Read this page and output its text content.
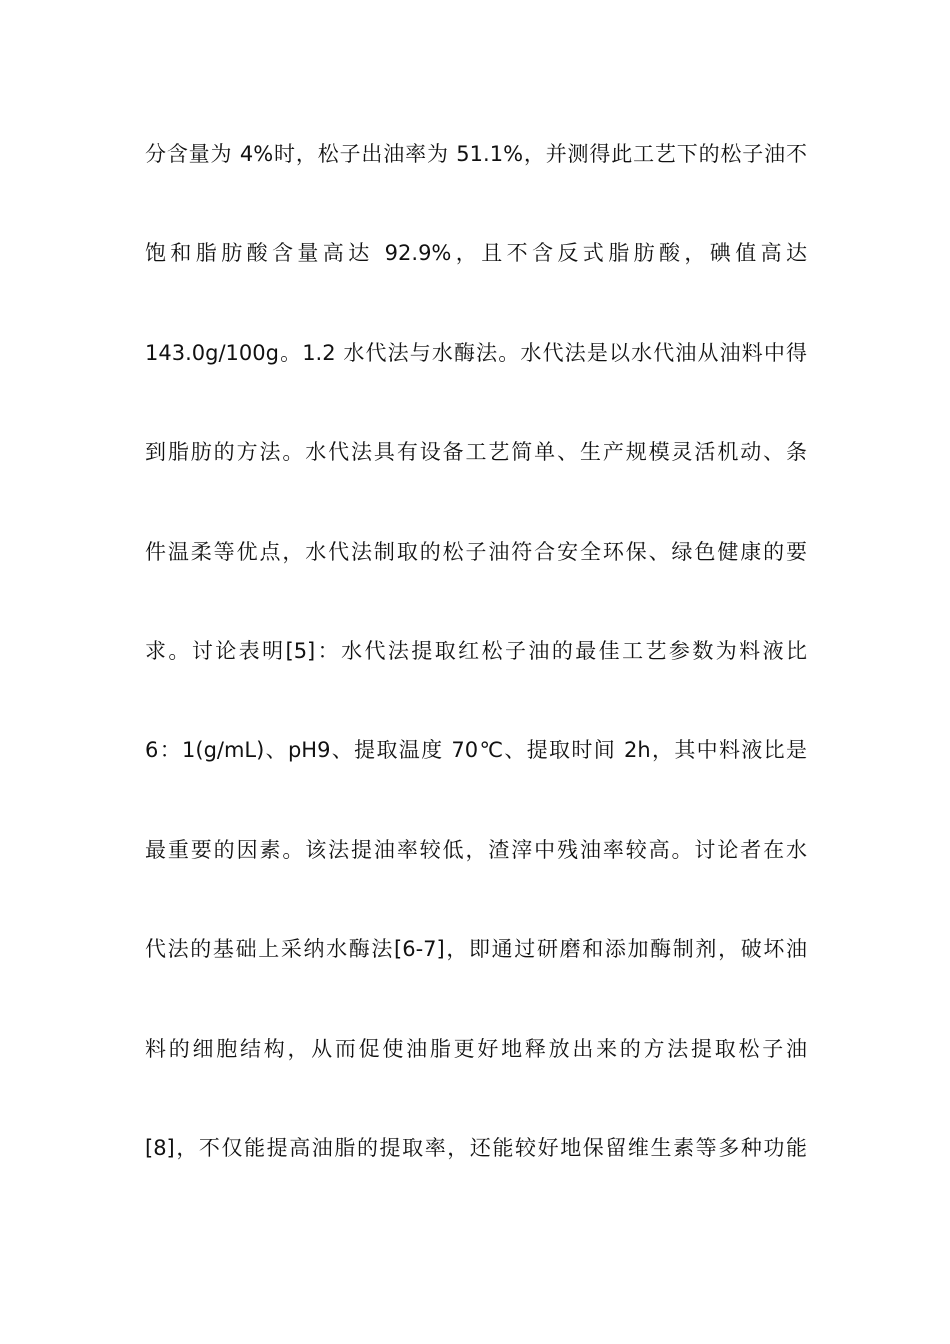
分含量为 4%时，松子出油率为 51.1%，并测得此工艺下的松子油不
饱和脂肪酸含量高达 92.9%，且不含反式脂肪酸，碘值高达
143.0g/100g。1.2 水代法与水酶法。水代法是以水代油从油料中得
到脂肪的方法。水代法具有设备工艺简单、生产规模灵活机动、条
件温柔等优点，水代法制取的松子油符合安全环保、绿色健康的要
求。讨论表明[5]：水代法提取红松子油的最佳工艺参数为料液比
6：1(g/mL)、pH9、提取温度 70℃、提取时间 2h，其中料液比是
最重要的因素。该法提油率较低，渣滓中残油率较高。讨论者在水
代法的基础上采纳水酶法[6-7]，即通过研磨和添加酶制剂，破坏油
料的细胞结构，从而促使油脂更好地释放出来的方法提取松子油
[8]，不仅能提高油脂的提取率，还能较好地保留维生素等多种功能
